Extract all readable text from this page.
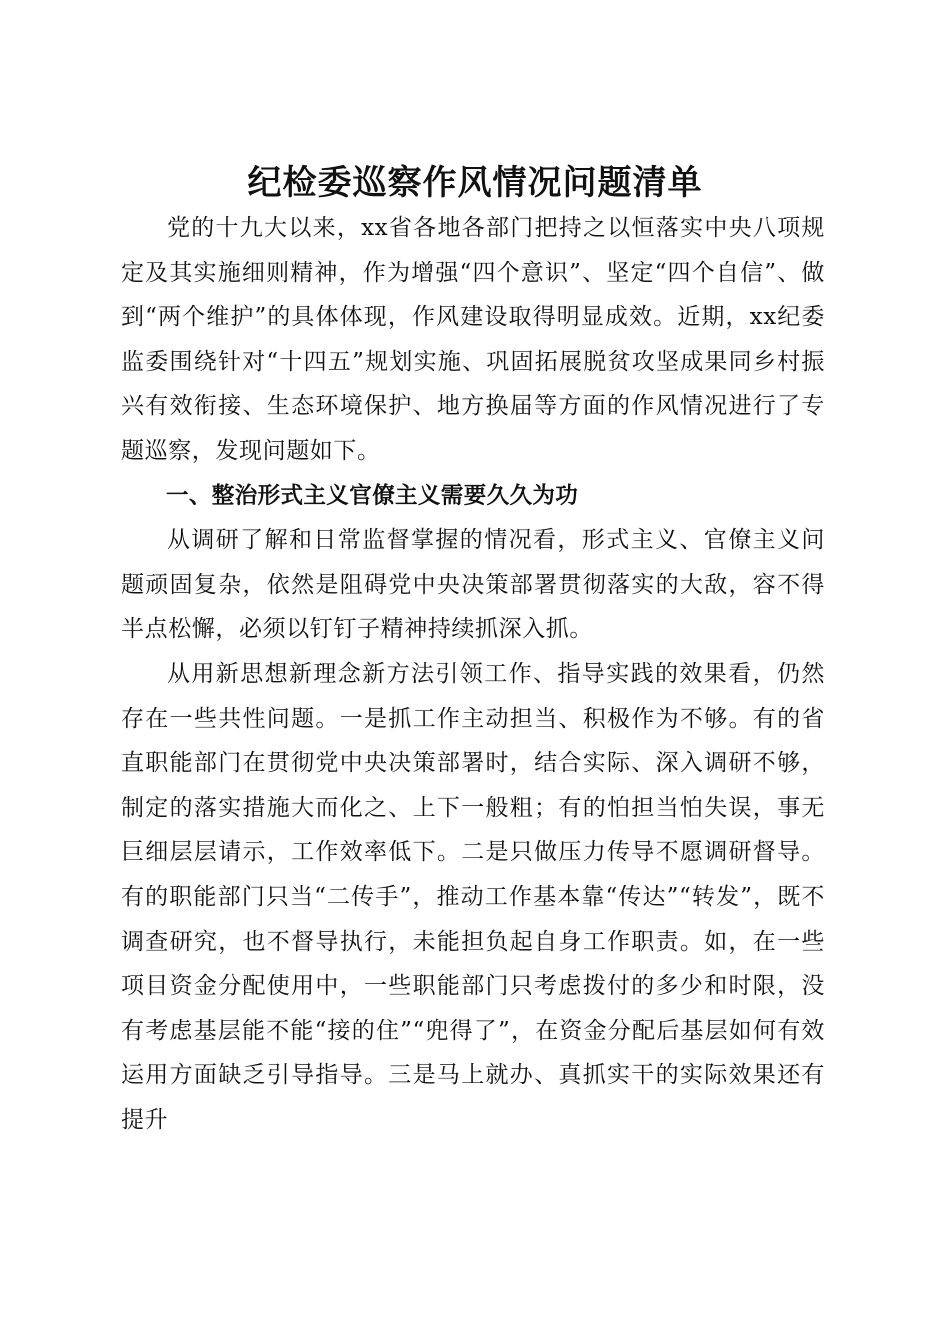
纪检委巡察作风情况问题清单

党的十九大以来，xx省各地各部门把持之以恒落实中央八项规定及其实施细则精神，作为增强“四个意识”、坚定“四个自信”、做到“两个维护”的具体体现，作风建设取得明显成效。近期，xx纪委监委围绕针对“十四五”规划实施、巩固拓展脱贫攻坚成果同乡村振兴有效衔接、生态环境保护、地方换届等方面的作风情况进行了专题巡察，发现问题如下。

一、整治形式主义官僚主义需要久久为功

从调研了解和日常监督掌握的情况看，形式主义、官僚主义问题顽固复杂，依然是阻碍党中央决策部署贯彻落实的大敌，容不得半点松懈，必须以钉钉子精神持续抓深入抓。

从用新思想新理念新方法引领工作、指导实践的效果看，仍然存在一些共性问题。一是抓工作主动担当、积极作为不够。有的省直职能部门在贯彻党中央决策部署时，结合实际、深入调研不够，制定的落实措施大而化之、上下一般粗；有的怕担当怕失误，事无巨细层层请示，工作效率低下。二是只做压力传导不愿调研督导。有的职能部门只当“二传手”，推动工作基本靠“传达”“转发”，既不调查研究，也不督导执行，未能担负起自身工作职责。如，在一些项目资金分配使用中，一些职能部门只考虑拨付的多少和时限，没有考虑基层能不能“接的住”“兜得了”，在资金分配后基层如何有效运用方面缺乏引导指导。三是马上就办、真抓实干的实际效果还有提升
